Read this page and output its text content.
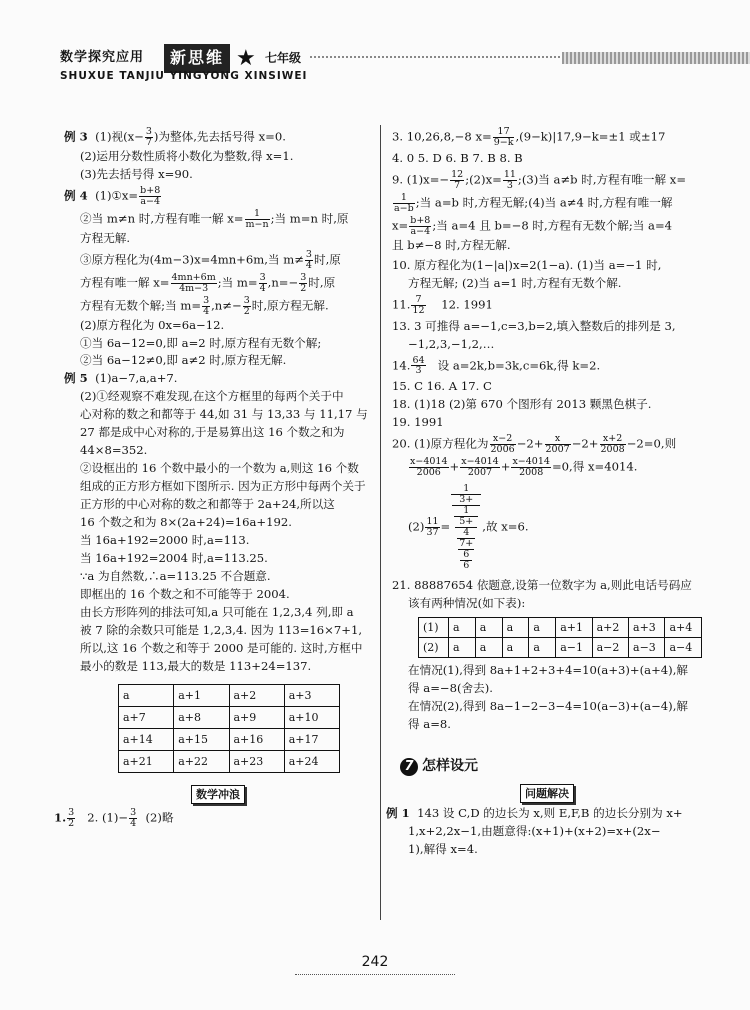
数学探究应用	新思维 ★ 七年级
SHUXUE TANJIU YINGYONG XINSIWEI

例 3 (1)视($x- \frac{3}{7}$ )为整体,先去括号得 x=0.

(2)运用分数性质将小数化为整数,得 x=1.

(3)先去括号得 x=90.

例 4 (1)①x= $\frac{b+8}{a-4}$

②当 m≠n 时,方程有唯一解 $x= \frac{1}{m-n}$ ;当 m=n 时,原

方程无解.

③原方程化为(4m−3)x=4mn+6m,当 $m\ne \frac{3}{4}$ 时,原

方程有唯一解 $x= \frac{4mn+6m}{4m-3}$ ;当 $m= \frac{3}{4} ,n=- \frac{3}{2}$ 时,原

方程有无数个解;当 $m= \frac{3}{4} ,n\ne- \frac{3}{2}$ 时,原方程无解.

(2)原方程化为 0x=6a−12.

①当 6a−12=0,即 a=2 时,原方程有无数个解;

②当 6a−12≠0,即 a≠2 时,原方程无解.

例 5 (1)a−7,a,a+7.

(2)①经观察不难发现,在这个方框里的每两个关于中

心对称的数之和都等于 44,如 31 与 13,33 与 11,17 与

27 都是成中心对称的,于是易算出这 16 个数之和为

44×8=352.

②设框出的 16 个数中最小的一个数为 a,则这 16 个数

组成的正方形方框如下图所示. 因为正方形中每两个关于

正方形的中心对称的数之和都等于 2a+24,所以这

16 个数之和为 8×(2a+24)=16a+192.

当 16a+192=2000 时,a=113.

当 16a+192=2004 时,a=113.25.

∵a 为自然数,∴a=113.25 不合题意.

即框出的 16 个数之和不可能等于 2004.

由长方形阵列的排法可知,a 只可能在 1,2,3,4 列,即 a

被 7 除的余数只可能是 1,2,3,4. 因为 113=16×7+1,

所以,这 16 个数之和等于 2000 是可能的. 这时,方框中

最小的数是 113,最大的数是 113+24=137.

a	a+1	a+2	a+3
a+7	a+8	a+9	a+10
a+14	a+15	a+16	a+17
a+21	a+22	a+23	a+24

数学冲浪

1. $\frac{3}{2} 2$. $(1)- \frac{3}{4} (2)$略

3. 10,26,8,−8 $x= \frac{17}{9-k} ,(9-k)|17,9-k=\pm 1$ 或±17

4. 0 5. D 6. B 7. B 8. B

9. $(1)x=- \frac{12}{7}$ ;(2)x= $\frac{11}{3}$ ;(3)当 a≠b 时,方程有唯一解 x=

$\frac{1}{a-b}$ ;当 a=b 时,方程无解;(4)当 a≠4 时,方程有唯一解

$x= \frac{b+8}{a-4}$ ;当 a=4 且 b=−8 时,方程有无数个解;当 a=4

且 b≠−8 时,方程无解.

10. 原方程化为(1−|a|)x=2(1−a). (1)当 a=−1 时,

方程无解; (2)当 a=1 时,方程有无数个解.

11. $\frac{7}{12} 12$. 1991

13. 3 可推得 a=−1,c=3,b=2,填入整数后的排列是 3,

−1,2,3,−1,2,…

14. $\frac{64}{3}$ 设 a=2k,b=3k,c=6k,得 k=2.

15. C 16. A 17. C

18. (1)18 (2)第 670 个图形有 2013 颗黑色棋子.

19. 1991

20. (1)原方程化为 $\frac{x-2}{2006} -2+ \frac{x}{2007} -2+ \frac{x+2}{2008} -2=0$,则

$\frac{x-4014}{2006} + \frac{x-4014}{2007} + \frac{x-4014}{2008} =0$,得 x=4014.

$(2) \frac{11}{37} = 1$
3+
1
5+
4
7+
6
6 ,故 x=6.

21. 88887654 依题意,设第一位数字为 a,则此电话号码应

该有两种情况(如下表):

(1)	a	a	a	a	a+1	a+2	a+3	a+4
(2)	a	a	a	a	a−1	a−2	a−3	a−4

在情况(1),得到 8a+1+2+3+4=10(a+3)+(a+4),解

得 a=−8(舍去).

在情况(2),得到 8a−1−2−3−4=10(a−3)+(a−4),解

得 a=8.

7 怎样设元

问题解决

例 1 143 设 C,D 的边长为 x,则 E,F,B 的边长分别为 x+

1,x+2,2x−1,由题意得:(x+1)+(x+2)=x+(2x−

1),解得 x=4.

242
